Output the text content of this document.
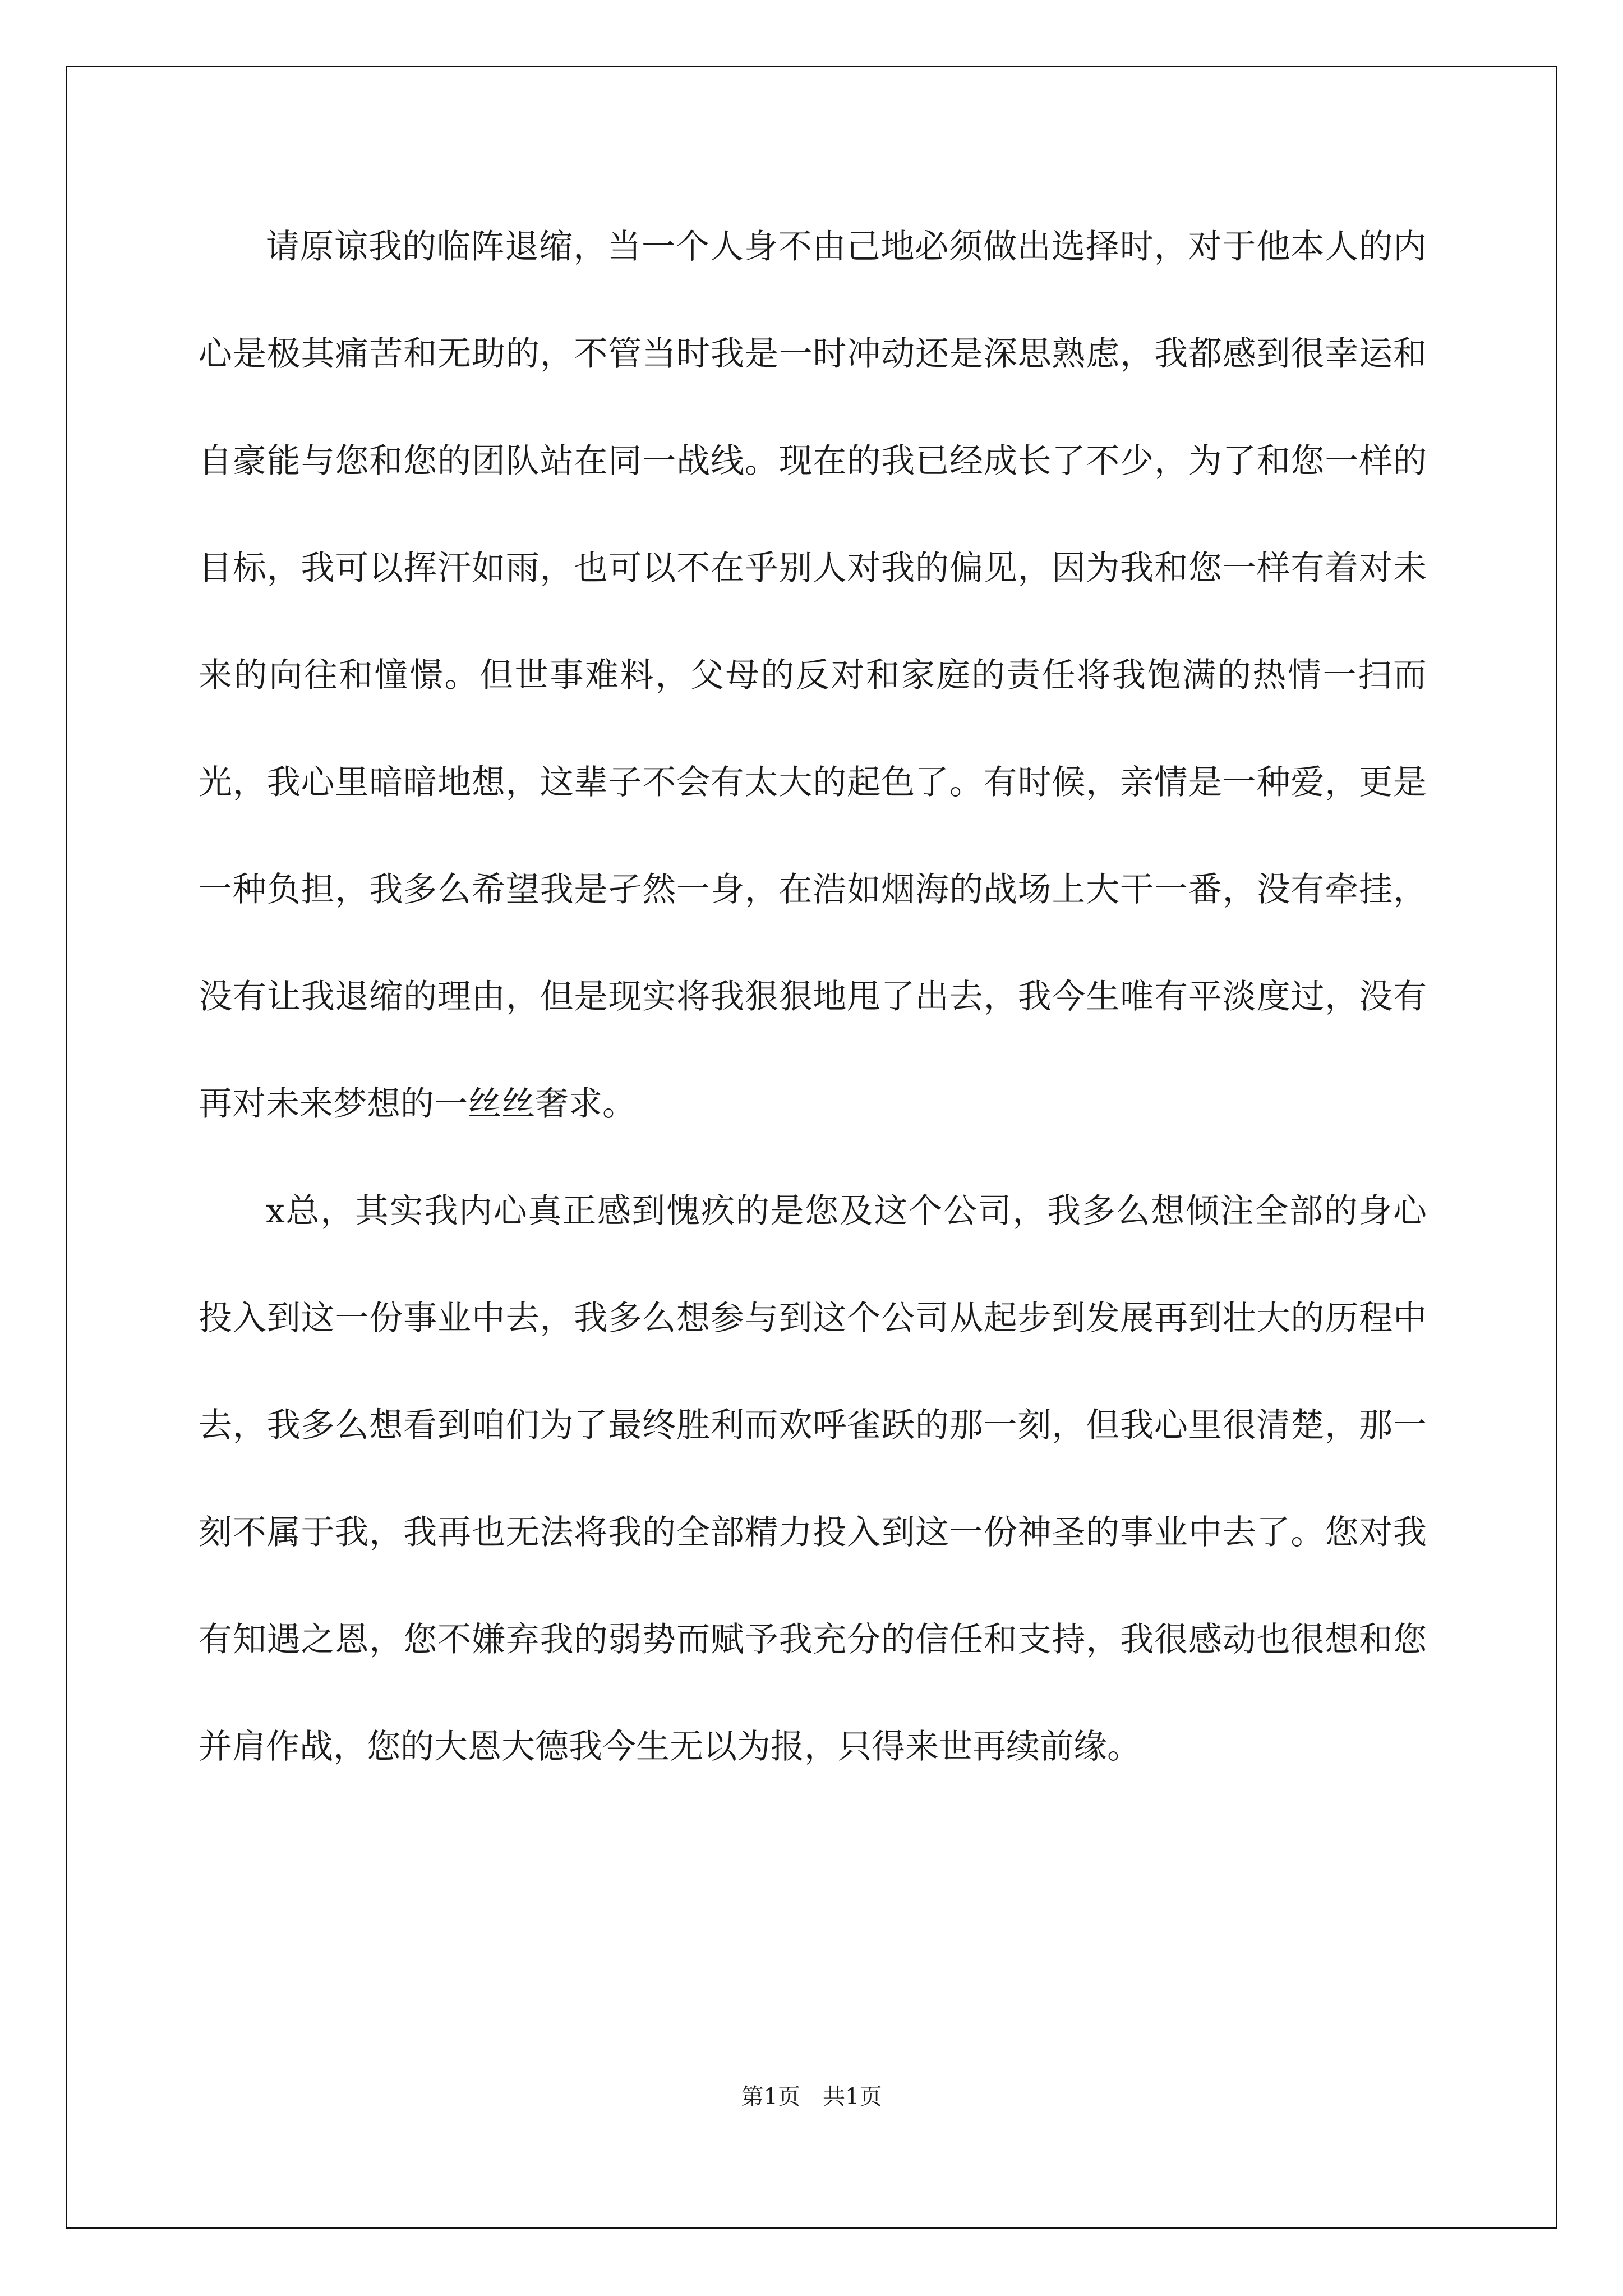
请原谅我的临阵退缩，当一个人身不由己地必须做出选择时，对于他本人的内心是极其痛苦和无助的，不管当时我是一时冲动还是深思熟虑，我都感到很幸运和自豪能与您和您的团队站在同一战线。现在的我已经成长了不少，为了和您一样的目标，我可以挥汗如雨，也可以不在乎别人对我的偏见，因为我和您一样有着对未来的向往和憧憬。但世事难料，父母的反对和家庭的责任将我饱满的热情一扫而光，我心里暗暗地想，这辈子不会有太大的起色了。有时候，亲情是一种爱，更是一种负担，我多么希望我是孑然一身，在浩如烟海的战场上大干一番，没有牵挂，没有让我退缩的理由，但是现实将我狠狠地甩了出去，我今生唯有平淡度过，没有再对未来梦想的一丝丝奢求。

x总，其实我内心真正感到愧疚的是您及这个公司，我多么想倾注全部的身心投入到这一份事业中去，我多么想参与到这个公司从起步到发展再到壮大的历程中去，我多么想看到咱们为了最终胜利而欢呼雀跃的那一刻，但我心里很清楚，那一刻不属于我，我再也无法将我的全部精力投入到这一份神圣的事业中去了。您对我有知遇之恩，您不嫌弃我的弱势而赋予我充分的信任和支持，我很感动也很想和您并肩作战，您的大恩大德我今生无以为报，只得来世再续前缘。

第1页 共1页
